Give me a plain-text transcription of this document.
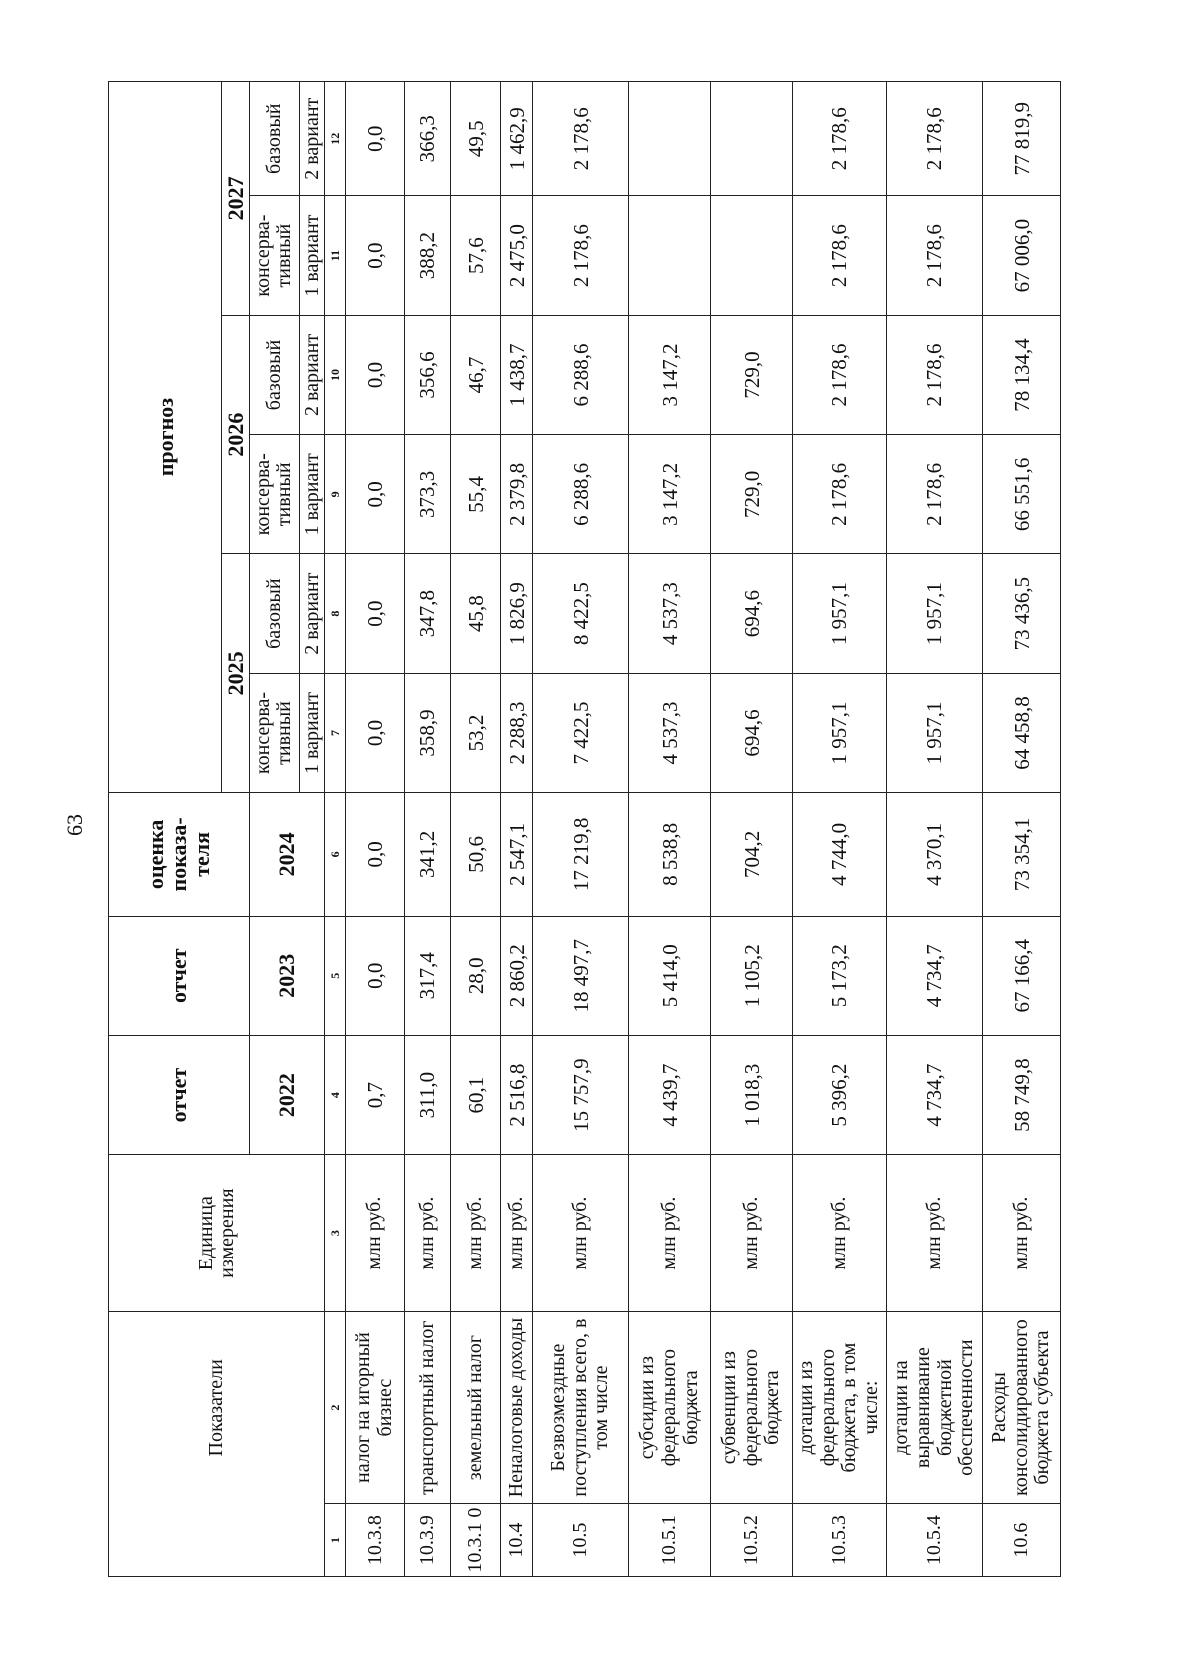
63
	Показатели	Единица измерения	отчет	отчет	оценка показа-теля	прогноз					
						2025		2026		2027	
			2022	2023	2024	консерва-тивный	базовый	консерва-тивный	базовый	консерва-тивный	базовый
						1 вариант	2 вариант	1 вариант	2 вариант	1 вариант	2 вариант
1	2	3	4	5	6	7	8	9	10	11	12
10.3.8	налог на игорный бизнес	млн руб.	0,7	0,0	0,0	0,0	0,0	0,0	0,0	0,0	0,0
10.3.9	транспортный налог	млн руб.	311,0	317,4	341,2	358,9	347,8	373,3	356,6	388,2	366,3
10.3.1 0	земельный налог	млн руб.	60,1	28,0	50,6	53,2	45,8	55,4	46,7	57,6	49,5
10.4	Неналоговые доходы	млн руб.	2 516,8	2 860,2	2 547,1	2 288,3	1 826,9	2 379,8	1 438,7	2 475,0	1 462,9
10.5	Безвозмездные поступления всего, в том числе	млн руб.	15 757,9	18 497,7	17 219,8	7 422,5	8 422,5	6 288,6	6 288,6	2 178,6	2 178,6
10.5.1	субсидии из федерального бюджета	млн руб.	4 439,7	5 414,0	8 538,8	4 537,3	4 537,3	3 147,2	3 147,2		
10.5.2	субвенции из федерального бюджета	млн руб.	1 018,3	1 105,2	704,2	694,6	694,6	729,0	729,0		
10.5.3	дотации из федерального бюджета, в том числе:	млн руб.	5 396,2	5 173,2	4 744,0	1 957,1	1 957,1	2 178,6	2 178,6	2 178,6	2 178,6
10.5.4	дотации на выравнивание бюджетной обеспеченности	млн руб.	4 734,7	4 734,7	4 370,1	1 957,1	1 957,1	2 178,6	2 178,6	2 178,6	2 178,6
10.6	Расходы консолидированного бюджета субъекта	млн руб.	58 749,8	67 166,4	73 354,1	64 458,8	73 436,5	66 551,6	78 134,4	67 006,0	77 819,9
